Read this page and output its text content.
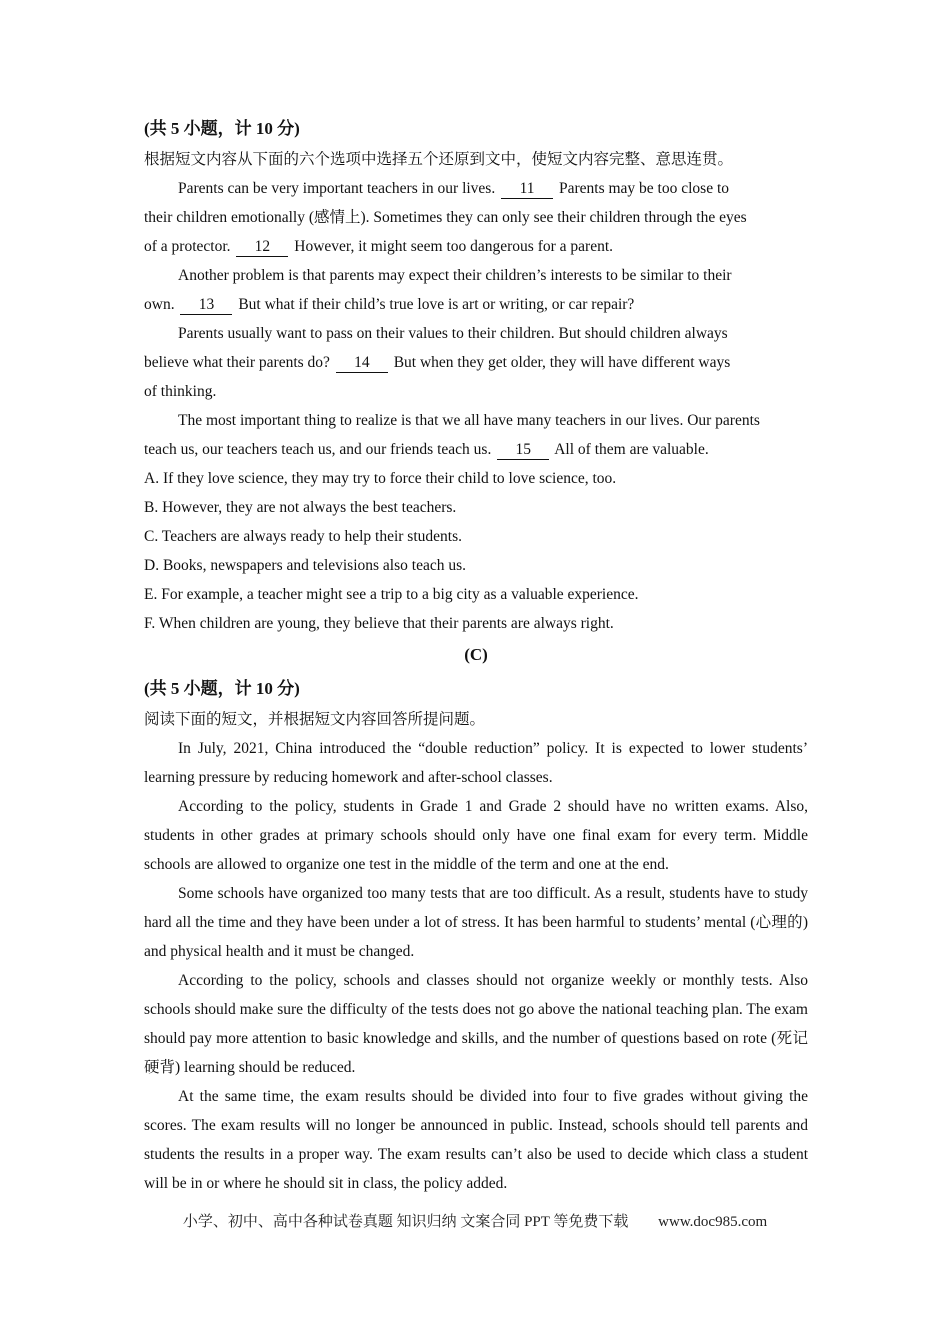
(共 5 小题，计 10 分)
根据短文内容从下面的六个选项中选择五个还原到文中，使短文内容完整、意思连贯。
Parents can be very important teachers in our lives. 11 Parents may be too close to
their children emotionally (感情上). Sometimes they can only see their children through the eyes
of a protector. 12 However, it might seem too dangerous for a parent.
Another problem is that parents may expect their children’s interests to be similar to their
own. 13 But what if their child’s true love is art or writing, or car repair?
Parents usually want to pass on their values to their children. But should children always
believe what their parents do? 14 But when they get older, they will have different ways
of thinking.
The most important thing to realize is that we all have many teachers in our lives. Our parents
teach us, our teachers teach us, and our friends teach us. 15 All of them are valuable.
A. If they love science, they may try to force their child to love science, too.
B. However, they are not always the best teachers.
C. Teachers are always ready to help their students.
D. Books, newspapers and televisions also teach us.
E. For example, a teacher might see a trip to a big city as a valuable experience.
F. When children are young, they believe that their parents are always right.
(C)
(共 5 小题，计 10 分)
阅读下面的短文，并根据短文内容回答所提问题。

In July, 2021, China introduced the “double reduction” policy. It is expected to lower students’ learning pressure by reducing homework and after-school classes.

According to the policy, students in Grade 1 and Grade 2 should have no written exams. Also, students in other grades at primary schools should only have one final exam for every term. Middle schools are allowed to organize one test in the middle of the term and one at the end.

Some schools have organized too many tests that are too difficult. As a result, students have to study hard all the time and they have been under a lot of stress. It has been harmful to students’ mental (心理的) and physical health and it must be changed.

According to the policy, schools and classes should not organize weekly or monthly tests. Also schools should make sure the difficulty of the tests does not go above the national teaching plan. The exam should pay more attention to basic knowledge and skills, and the number of questions based on rote (死记硬背) learning should be reduced.

At the same time, the exam results should be divided into four to five grades without giving the scores. The exam results will no longer be announced in public. Instead, schools should tell parents and students the results in a proper way. The exam results can’t also be used to decide which class a student will be in or where he should sit in class, the policy added.

小学、初中、高中各种试卷真题 知识归纳 文案合同 PPT 等免费下载 www.doc985.com
